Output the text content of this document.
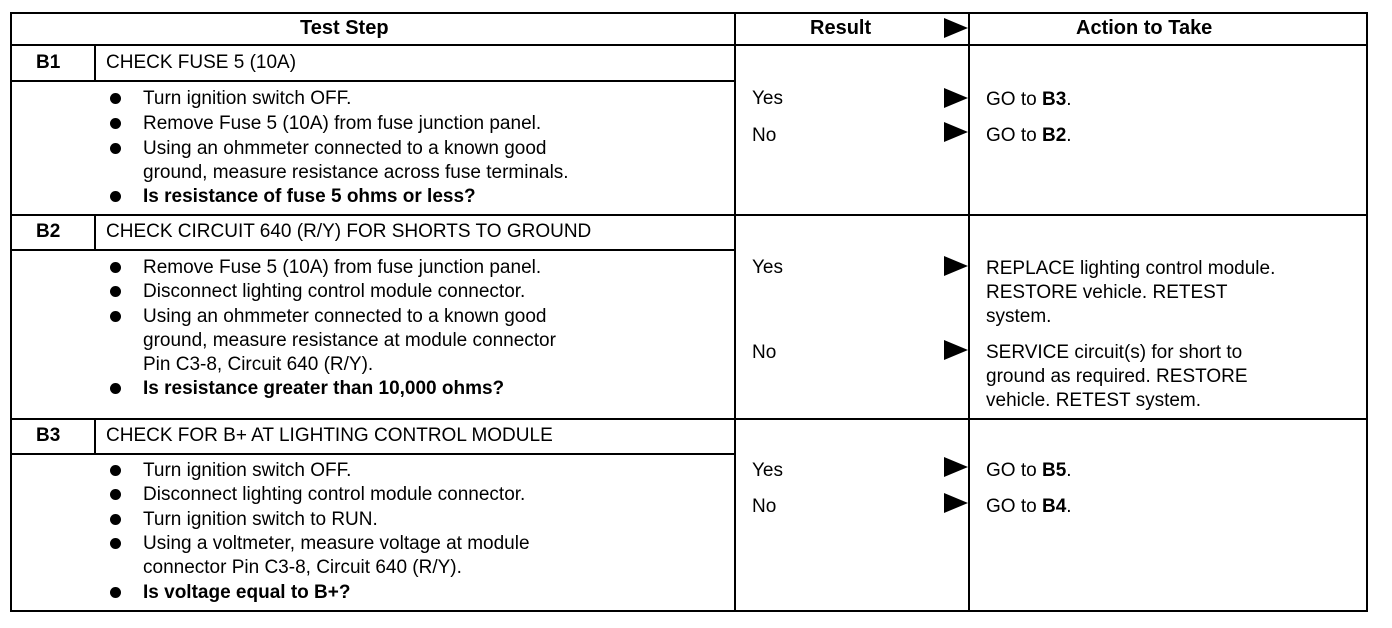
Test Step	Result	Action to Take
B1 CHECK FUSE 5 (10A)
Turn ignition switch OFF.
Remove Fuse 5 (10A) from fuse junction panel.
Using an ohmmeter connected to a known good
ground, measure resistance across fuse terminals.
Is resistance of fuse 5 ohms or less?
Yes	GO to B3.
No	GO to B2.
B2 CHECK CIRCUIT 640 (R/Y) FOR SHORTS TO GROUND
Remove Fuse 5 (10A) from fuse junction panel.
Disconnect lighting control module connector.
Using an ohmmeter connected to a known good
ground, measure resistance at module connector
Pin C3-8, Circuit 640 (R/Y).
Is resistance greater than 10,000 ohms?
Yes	REPLACE lighting control module.
RESTORE vehicle. RETEST
system.
No	SERVICE circuit(s) for short to
ground as required. RESTORE
vehicle. RETEST system.
B3 CHECK FOR B+ AT LIGHTING CONTROL MODULE
Turn ignition switch OFF.
Disconnect lighting control module connector.
Turn ignition switch to RUN.
Using a voltmeter, measure voltage at module
connector Pin C3-8, Circuit 640 (R/Y).
Is voltage equal to B+?
Yes	GO to B5.
No	GO to B4.
